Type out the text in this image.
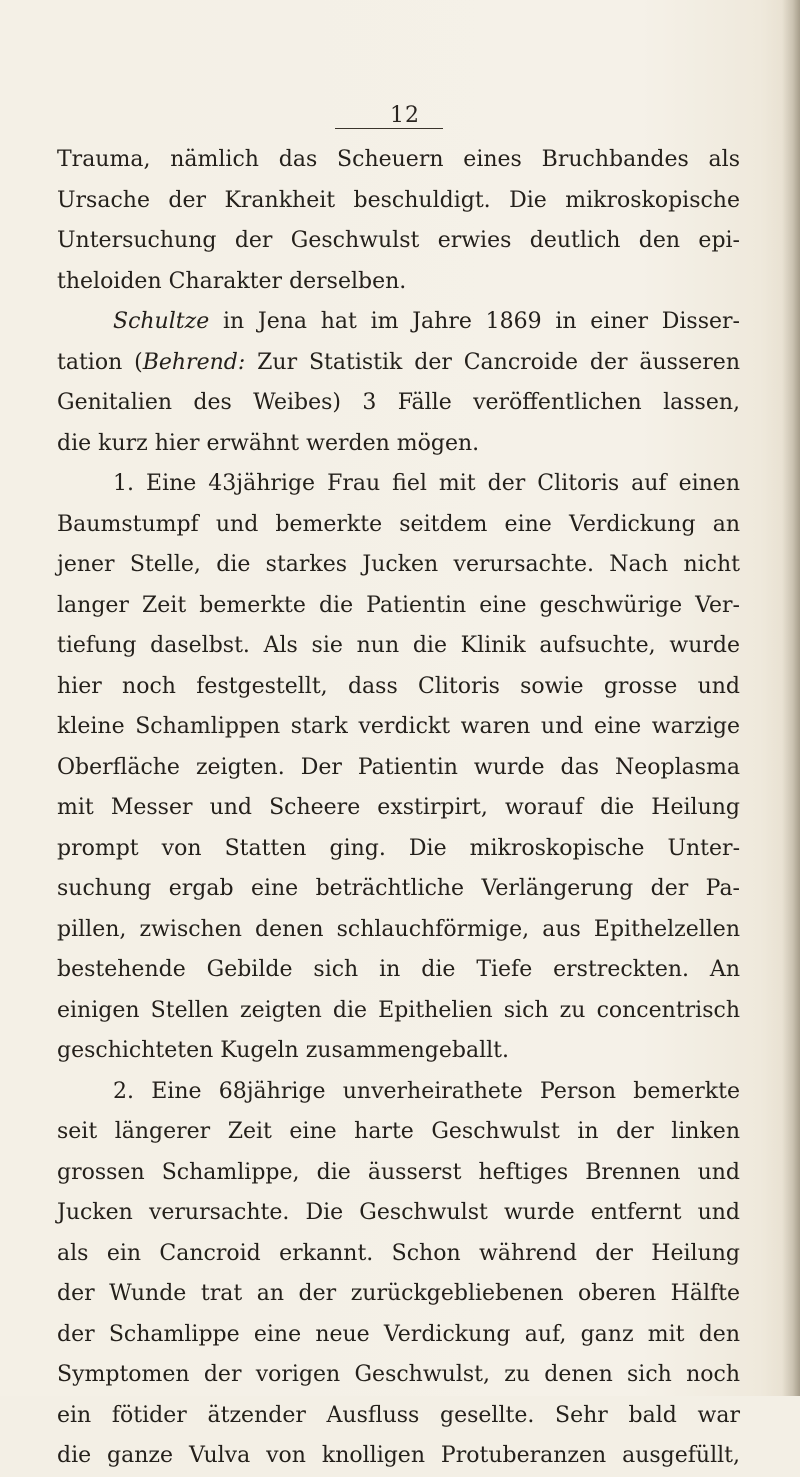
12
Trauma, nämlich das Scheuern eines Bruchbandes als
Ursache der Krankheit beschuldigt. Die mikroskopische
Untersuchung der Geschwulst erwies deutlich den epi-
theloiden Charakter derselben.
Schultze in Jena hat im Jahre 1869 in einer Disser-
tation (Behrend: Zur Statistik der Cancroide der äusseren
Genitalien des Weibes) 3 Fälle veröffentlichen lassen,
die kurz hier erwähnt werden mögen.
1. Eine 43jährige Frau fiel mit der Clitoris auf einen
Baumstumpf und bemerkte seitdem eine Verdickung an
jener Stelle, die starkes Jucken verursachte. Nach nicht
langer Zeit bemerkte die Patientin eine geschwürige Ver-
tiefung daselbst. Als sie nun die Klinik aufsuchte, wurde
hier noch festgestellt, dass Clitoris sowie grosse und
kleine Schamlippen stark verdickt waren und eine warzige
Oberfläche zeigten. Der Patientin wurde das Neoplasma
mit Messer und Scheere exstirpirt, worauf die Heilung
prompt von Statten ging. Die mikroskopische Unter-
suchung ergab eine beträchtliche Verlängerung der Pa-
pillen, zwischen denen schlauchförmige, aus Epithelzellen
bestehende Gebilde sich in die Tiefe erstreckten. An
einigen Stellen zeigten die Epithelien sich zu concentrisch
geschichteten Kugeln zusammengeballt.
2. Eine 68jährige unverheirathete Person bemerkte
seit längerer Zeit eine harte Geschwulst in der linken
grossen Schamlippe, die äusserst heftiges Brennen und
Jucken verursachte. Die Geschwulst wurde entfernt und
als ein Cancroid erkannt. Schon während der Heilung
der Wunde trat an der zurückgebliebenen oberen Hälfte
der Schamlippe eine neue Verdickung auf, ganz mit den
Symptomen der vorigen Geschwulst, zu denen sich noch
ein fötider ätzender Ausfluss gesellte. Sehr bald war
die ganze Vulva von knolligen Protuberanzen ausgefüllt,
